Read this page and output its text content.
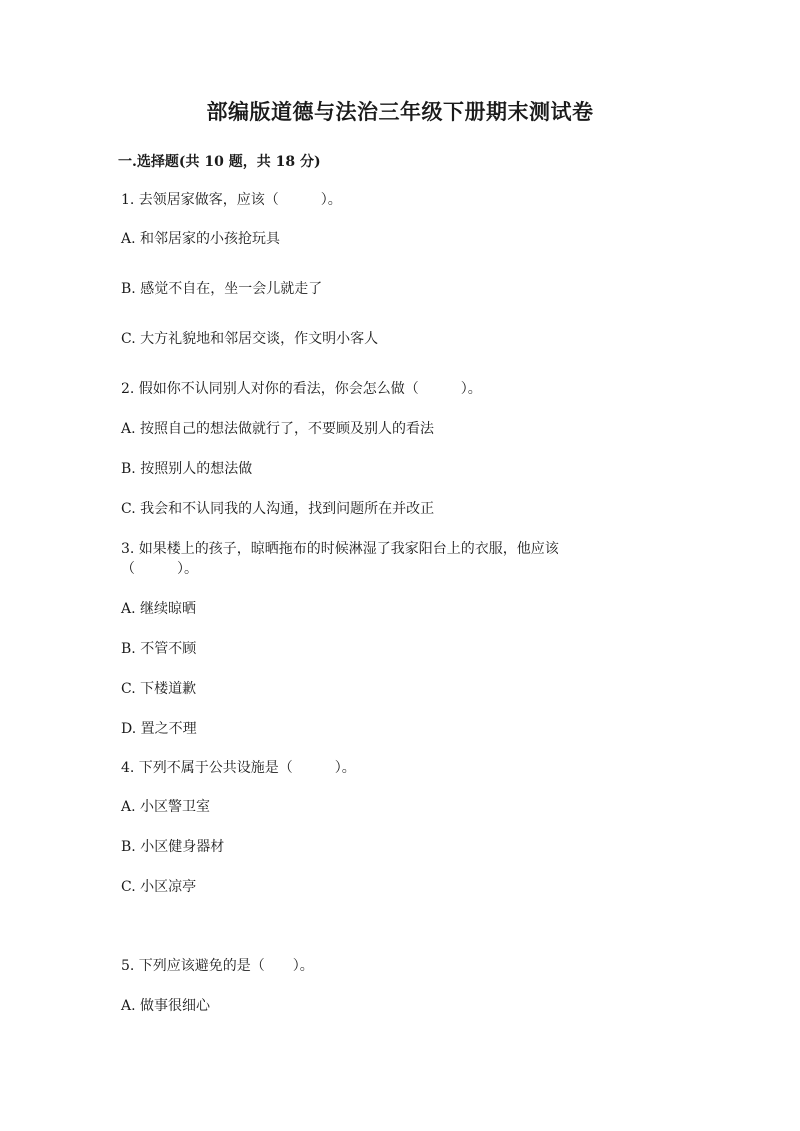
部编版道德与法治三年级下册期末测试卷
一.选择题(共 10 题，共 18 分)
1. 去领居家做客，应该（　　　）。
A. 和邻居家的小孩抢玩具
B. 感觉不自在，坐一会儿就走了
C. 大方礼貌地和邻居交谈，作文明小客人
2. 假如你不认同别人对你的看法，你会怎么做（　　　）。
A. 按照自己的想法做就行了，不要顾及别人的看法
B. 按照别人的想法做
C. 我会和不认同我的人沟通，找到问题所在并改正
3. 如果楼上的孩子，晾晒拖布的时候淋湿了我家阳台上的衣服，他应该
（　　　）。
A. 继续晾晒
B. 不管不顾
C. 下楼道歉
D. 置之不理
4. 下列不属于公共设施是（　　　）。
A. 小区警卫室
B. 小区健身器材
C. 小区凉亭
5. 下列应该避免的是（　　）。
A. 做事很细心
